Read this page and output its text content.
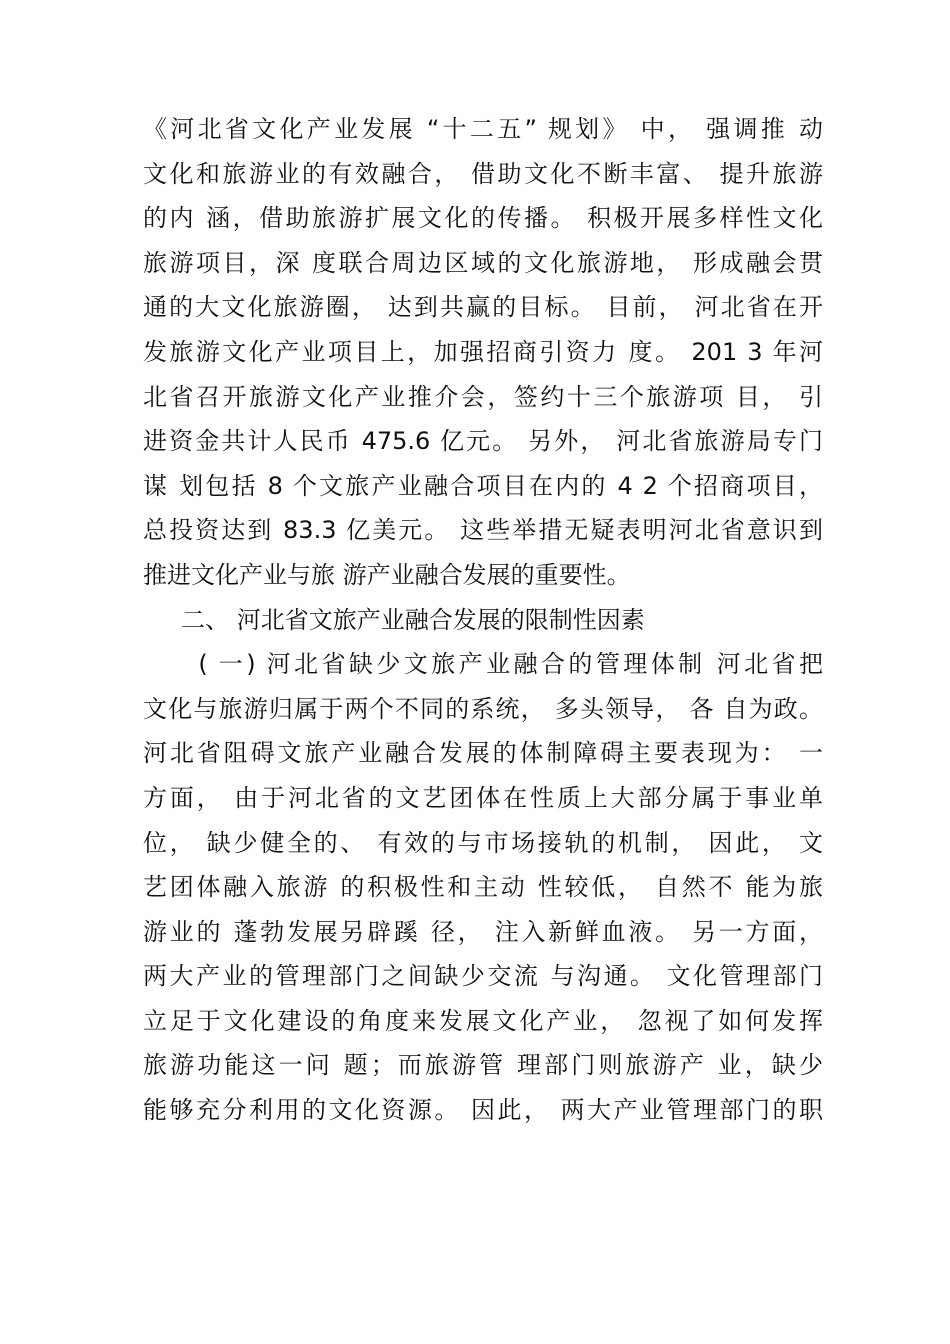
《河北省文化产业发展 “十二五” 规划》 中， 强调推 动
文化和旅游业的有效融合， 借助文化不断丰富、 提升旅游
的内 涵，借助旅游扩展文化的传播。 积极开展多样性文化
旅游项目，深 度联合周边区域的文化旅游地， 形成融会贯
通的大文化旅游圈， 达到共赢的目标。 目前， 河北省在开
发旅游文化产业项目上，加强招商引资力 度。 201 3 年河
北省召开旅游文化产业推介会，签约十三个旅游项 目， 引
进资金共计人民币 475.6 亿元。 另外， 河北省旅游局专门
谋 划包括 8 个文旅产业融合项目在内的 4 2 个招商项目，
总投资达到 83.3 亿美元。 这些举措无疑表明河北省意识到
推进文化产业与旅 游产业融合发展的重要性。
二、 河北省文旅产业融合发展的限制性因素
( 一) 河北省缺少文旅产业融合的管理体制 河北省把
文化与旅游归属于两个不同的系统， 多头领导， 各 自为政。
河北省阻碍文旅产业融合发展的体制障碍主要表现为： 一
方面， 由于河北省的文艺团体在性质上大部分属于事业单
位， 缺少健全的、 有效的与市场接轨的机制， 因此， 文
艺团体融入旅游 的积极性和主动 性较低， 自然不 能为旅
游业的 蓬勃发展另辟蹊 径， 注入新鲜血液。 另一方面，
两大产业的管理部门之间缺少交流 与沟通。 文化管理部门
立足于文化建设的角度来发展文化产业， 忽视了如何发挥
旅游功能这一问 题；而旅游管 理部门则旅游产 业，缺少
能够充分利用的文化资源。 因此， 两大产业管理部门的职
